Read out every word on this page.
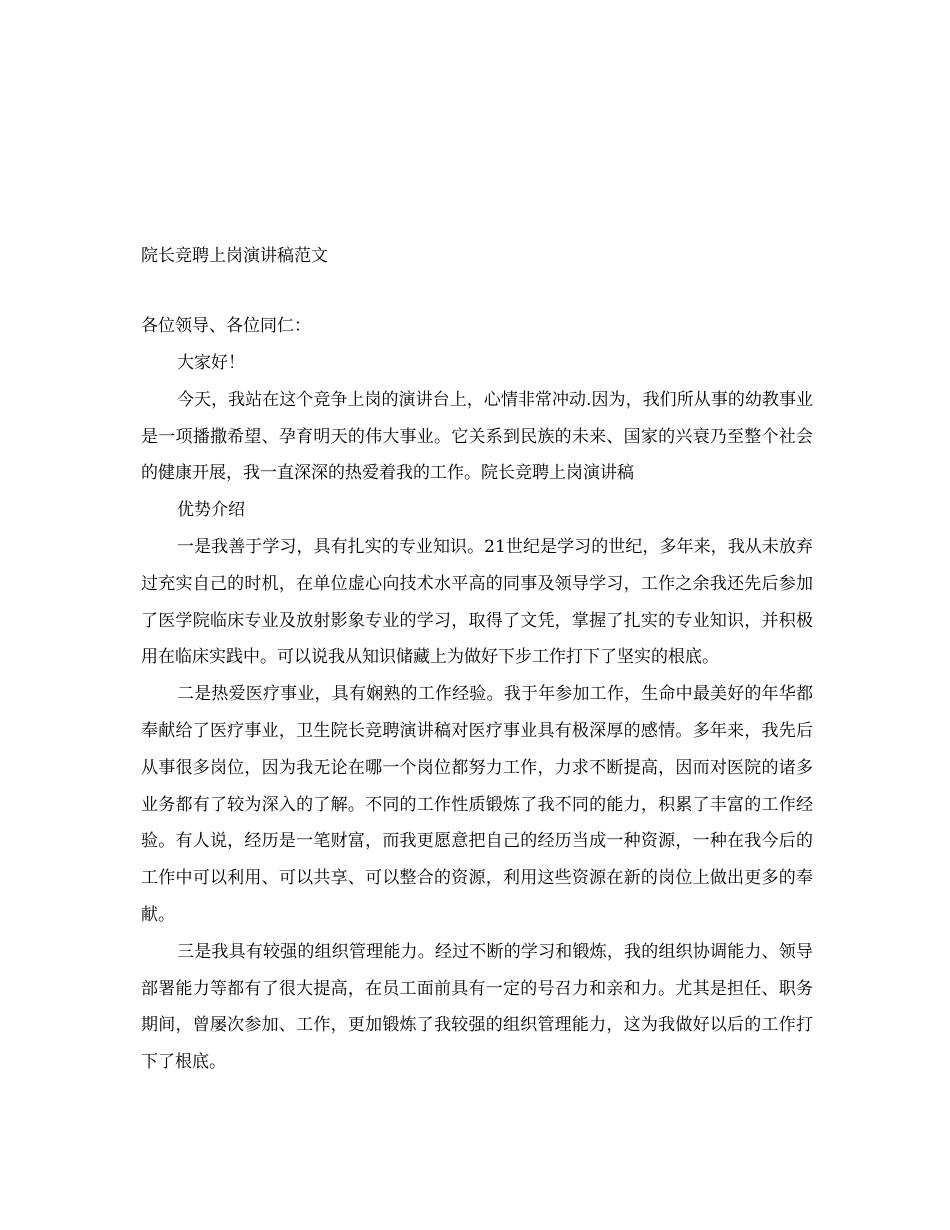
院长竞聘上岗演讲稿范文
各位领导、各位同仁：

大家好！

今天，我站在这个竞争上岗的演讲台上，心情非常冲动.因为，我们所从事的幼教事业是一项播撒希望、孕育明天的伟大事业。它关系到民族的未来、国家的兴衰乃至整个社会的健康开展，我一直深深的热爱着我的工作。院长竞聘上岗演讲稿

优势介绍

一是我善于学习，具有扎实的专业知识。21世纪是学习的世纪，多年来，我从未放弃过充实自己的时机，在单位虚心向技术水平高的同事及领导学习，工作之余我还先后参加了医学院临床专业及放射影象专业的学习，取得了文凭，掌握了扎实的专业知识，并积极用在临床实践中。可以说我从知识储藏上为做好下步工作打下了坚实的根底。

二是热爱医疗事业，具有娴熟的工作经验。我于年参加工作，生命中最美好的年华都奉献给了医疗事业，卫生院长竞聘演讲稿对医疗事业具有极深厚的感情。多年来，我先后从事很多岗位，因为我无论在哪一个岗位都努力工作，力求不断提高，因而对医院的诸多业务都有了较为深入的了解。不同的工作性质锻炼了我不同的能力，积累了丰富的工作经验。有人说，经历是一笔财富，而我更愿意把自己的经历当成一种资源，一种在我今后的工作中可以利用、可以共享、可以整合的资源，利用这些资源在新的岗位上做出更多的奉献。

三是我具有较强的组织管理能力。经过不断的学习和锻炼，我的组织协调能力、领导部署能力等都有了很大提高，在员工面前具有一定的号召力和亲和力。尤其是担任、职务期间，曾屡次参加、工作，更加锻炼了我较强的组织管理能力，这为我做好以后的工作打下了根底。
